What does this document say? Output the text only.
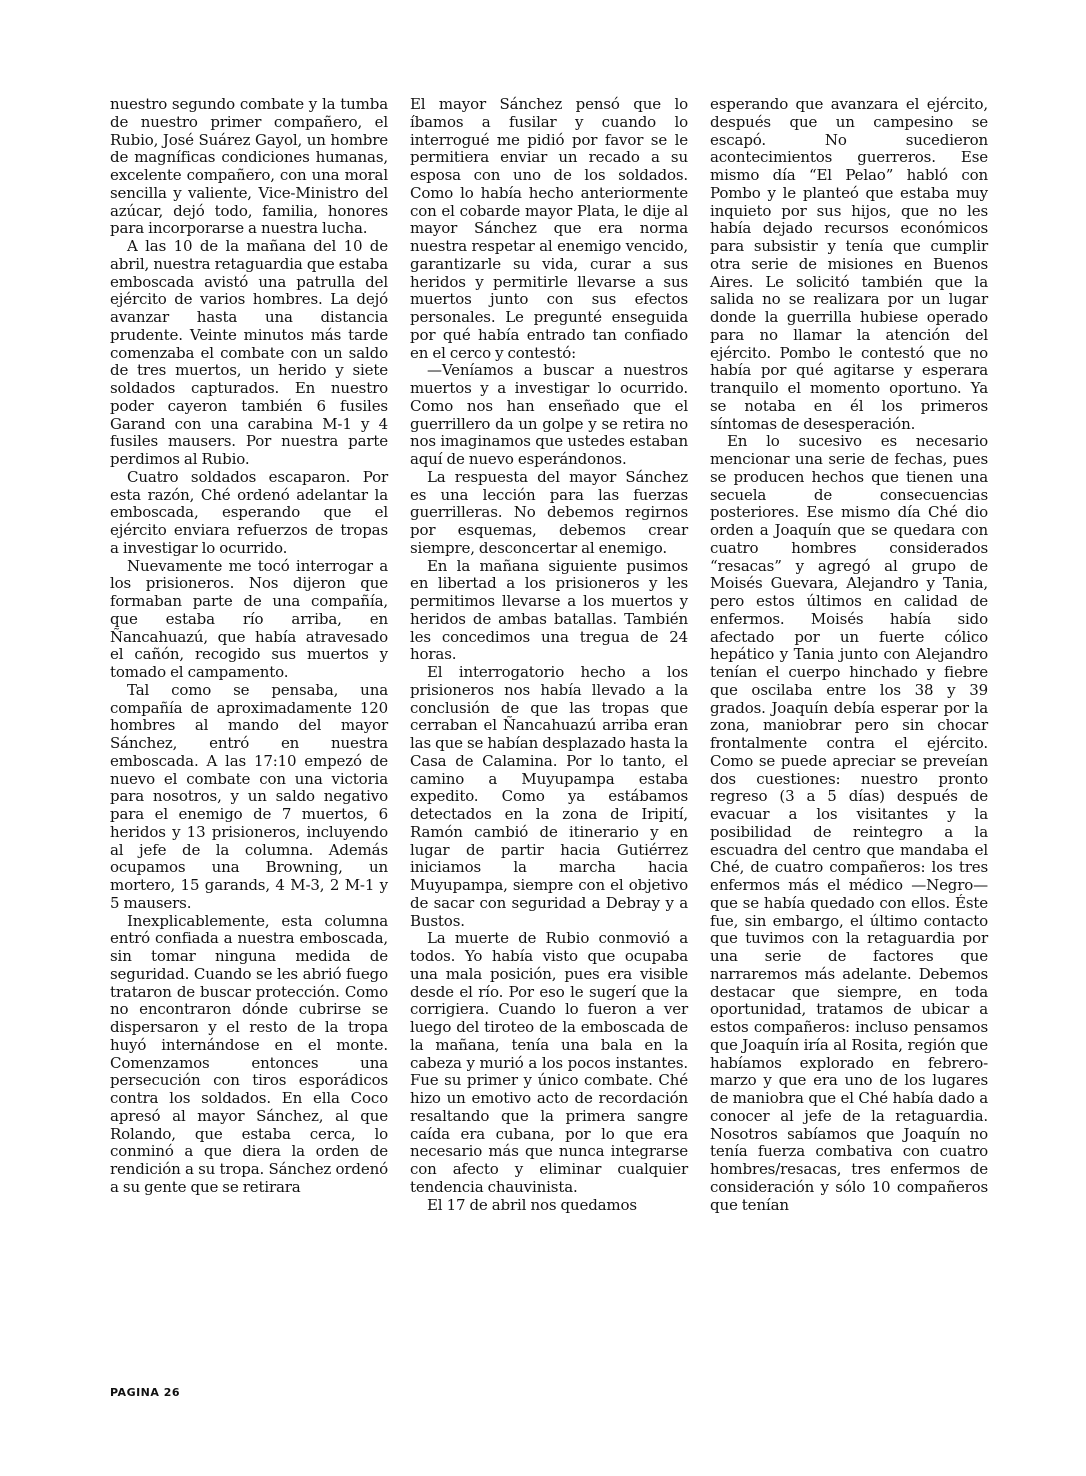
nuestro segundo combate y la tumba de nuestro primer compañero, el Rubio, José Suárez Gayol, un hombre de magníficas condiciones humanas, excelente compañero, con una moral sencilla y valiente, Vice-Ministro del azúcar, dejó todo, familia, honores para incorporarse a nuestra lucha.

A las 10 de la mañana del 10 de abril, nuestra retaguardia que estaba emboscada avistó una patrulla del ejército de varios hombres. La dejó avanzar hasta una distancia prudente. Veinte minutos más tarde comenzaba el combate con un saldo de tres muertos, un herido y siete soldados capturados. En nuestro poder cayeron también 6 fusiles Garand con una carabina M-1 y 4 fusiles mausers. Por nuestra parte perdimos al Rubio.

Cuatro soldados escaparon. Por esta razón, Ché ordenó adelantar la emboscada, esperando que el ejército enviara refuerzos de tropas a investigar lo ocurrido.

Nuevamente me tocó interrogar a los prisioneros. Nos dijeron que formaban parte de una compañía, que estaba río arriba, en Ñancahuazú, que había atravesado el cañón, recogido sus muertos y tomado el campamento.

Tal como se pensaba, una compañía de aproximadamente 120 hombres al mando del mayor Sánchez, entró en nuestra emboscada. A las 17:10 empezó de nuevo el combate con una victoria para nosotros, y un saldo negativo para el enemigo de 7 muertos, 6 heridos y 13 prisioneros, incluyendo al jefe de la columna. Además ocupamos una Browning, un mortero, 15 garands, 4 M-3, 2 M-1 y 5 mausers.

Inexplicablemente, esta columna entró confiada a nuestra emboscada, sin tomar ninguna medida de seguridad. Cuando se les abrió fuego trataron de buscar protección. Como no encontraron dónde cubrirse se dispersaron y el resto de la tropa huyó internándose en el monte. Comenzamos entonces una persecución con tiros esporádicos contra los soldados. En ella Coco apresó al mayor Sánchez, al que Rolando, que estaba cerca, lo conminó a que diera la orden de rendición a su tropa. Sánchez ordenó a su gente que se retirara

El mayor Sánchez pensó que lo íbamos a fusilar y cuando lo interrogué me pidió por favor se le permitiera enviar un recado a su esposa con uno de los soldados. Como lo había hecho anteriormente con el cobarde mayor Plata, le dije al mayor Sánchez que era norma nuestra respetar al enemigo vencido, garantizarle su vida, curar a sus heridos y permitirle llevarse a sus muertos junto con sus efectos personales. Le pregunté enseguida por qué había entrado tan confiado en el cerco y contestó:

—Veníamos a buscar a nuestros muertos y a investigar lo ocurrido. Como nos han enseñado que el guerrillero da un golpe y se retira no nos imaginamos que ustedes estaban aquí de nuevo esperándonos.

La respuesta del mayor Sánchez es una lección para las fuerzas guerrilleras. No debemos regirnos por esquemas, debemos crear siempre, desconcertar al enemigo.

En la mañana siguiente pusimos en libertad a los prisioneros y les permitimos llevarse a los muertos y heridos de ambas batallas. También les concedimos una tregua de 24 horas.

El interrogatorio hecho a los prisioneros nos había llevado a la conclusión de que las tropas que cerraban el Ñancahuazú arriba eran las que se habían desplazado hasta la Casa de Calamina. Por lo tanto, el camino a Muyupampa estaba expedito. Como ya estábamos detectados en la zona de Iripití, Ramón cambió de itinerario y en lugar de partir hacia Gutiérrez iniciamos la marcha hacia Muyupampa, siempre con el objetivo de sacar con seguridad a Debray y a Bustos.

La muerte de Rubio conmovió a todos. Yo había visto que ocupaba una mala posición, pues era visible desde el río. Por eso le sugerí que la corrigiera. Cuando lo fueron a ver luego del tiroteo de la emboscada de la mañana, tenía una bala en la cabeza y murió a los pocos instantes. Fue su primer y único combate. Ché hizo un emotivo acto de recordación resaltando que la primera sangre caída era cubana, por lo que era necesario más que nunca integrarse con afecto y eliminar cualquier tendencia chauvinista.

El 17 de abril nos quedamos

esperando que avanzara el ejército, después que un campesino se escapó. No sucedieron acontecimientos guerreros. Ese mismo día “El Pelao” habló con Pombo y le planteó que estaba muy inquieto por sus hijos, que no les había dejado recursos económicos para subsistir y tenía que cumplir otra serie de misiones en Buenos Aires. Le solicitó también que la salida no se realizara por un lugar donde la guerrilla hubiese operado para no llamar la atención del ejército. Pombo le contestó que no había por qué agitarse y esperara tranquilo el momento oportuno. Ya se notaba en él los primeros síntomas de desesperación.

En lo sucesivo es necesario mencionar una serie de fechas, pues se producen hechos que tienen una secuela de consecuencias posteriores. Ese mismo día Ché dio orden a Joaquín que se quedara con cuatro hombres considerados “resacas” y agregó al grupo de Moisés Guevara, Alejandro y Tania, pero estos últimos en calidad de enfermos. Moisés había sido afectado por un fuerte cólico hepático y Tania junto con Alejandro tenían el cuerpo hinchado y fiebre que oscilaba entre los 38 y 39 grados. Joaquín debía esperar por la zona, maniobrar pero sin chocar frontalmente contra el ejército. Como se puede apreciar se preveían dos cuestiones: nuestro pronto regreso (3 a 5 días) después de evacuar a los visitantes y la posibilidad de reintegro a la escuadra del centro que mandaba el Ché, de cuatro compañeros: los tres enfermos más el médico —Negro— que se había quedado con ellos. Éste fue, sin embargo, el último contacto que tuvimos con la retaguardia por una serie de factores que narraremos más adelante. Debemos destacar que siempre, en toda oportunidad, tratamos de ubicar a estos compañeros: incluso pensamos que Joaquín iría al Rosita, región que habíamos explorado en febrero-marzo y que era uno de los lugares de maniobra que el Ché había dado a conocer al jefe de la retaguardia. Nosotros sabíamos que Joaquín no tenía fuerza combativa con cuatro hombres/resacas, tres enfermos de consideración y sólo 10 compañeros que tenían

PAGINA 26
